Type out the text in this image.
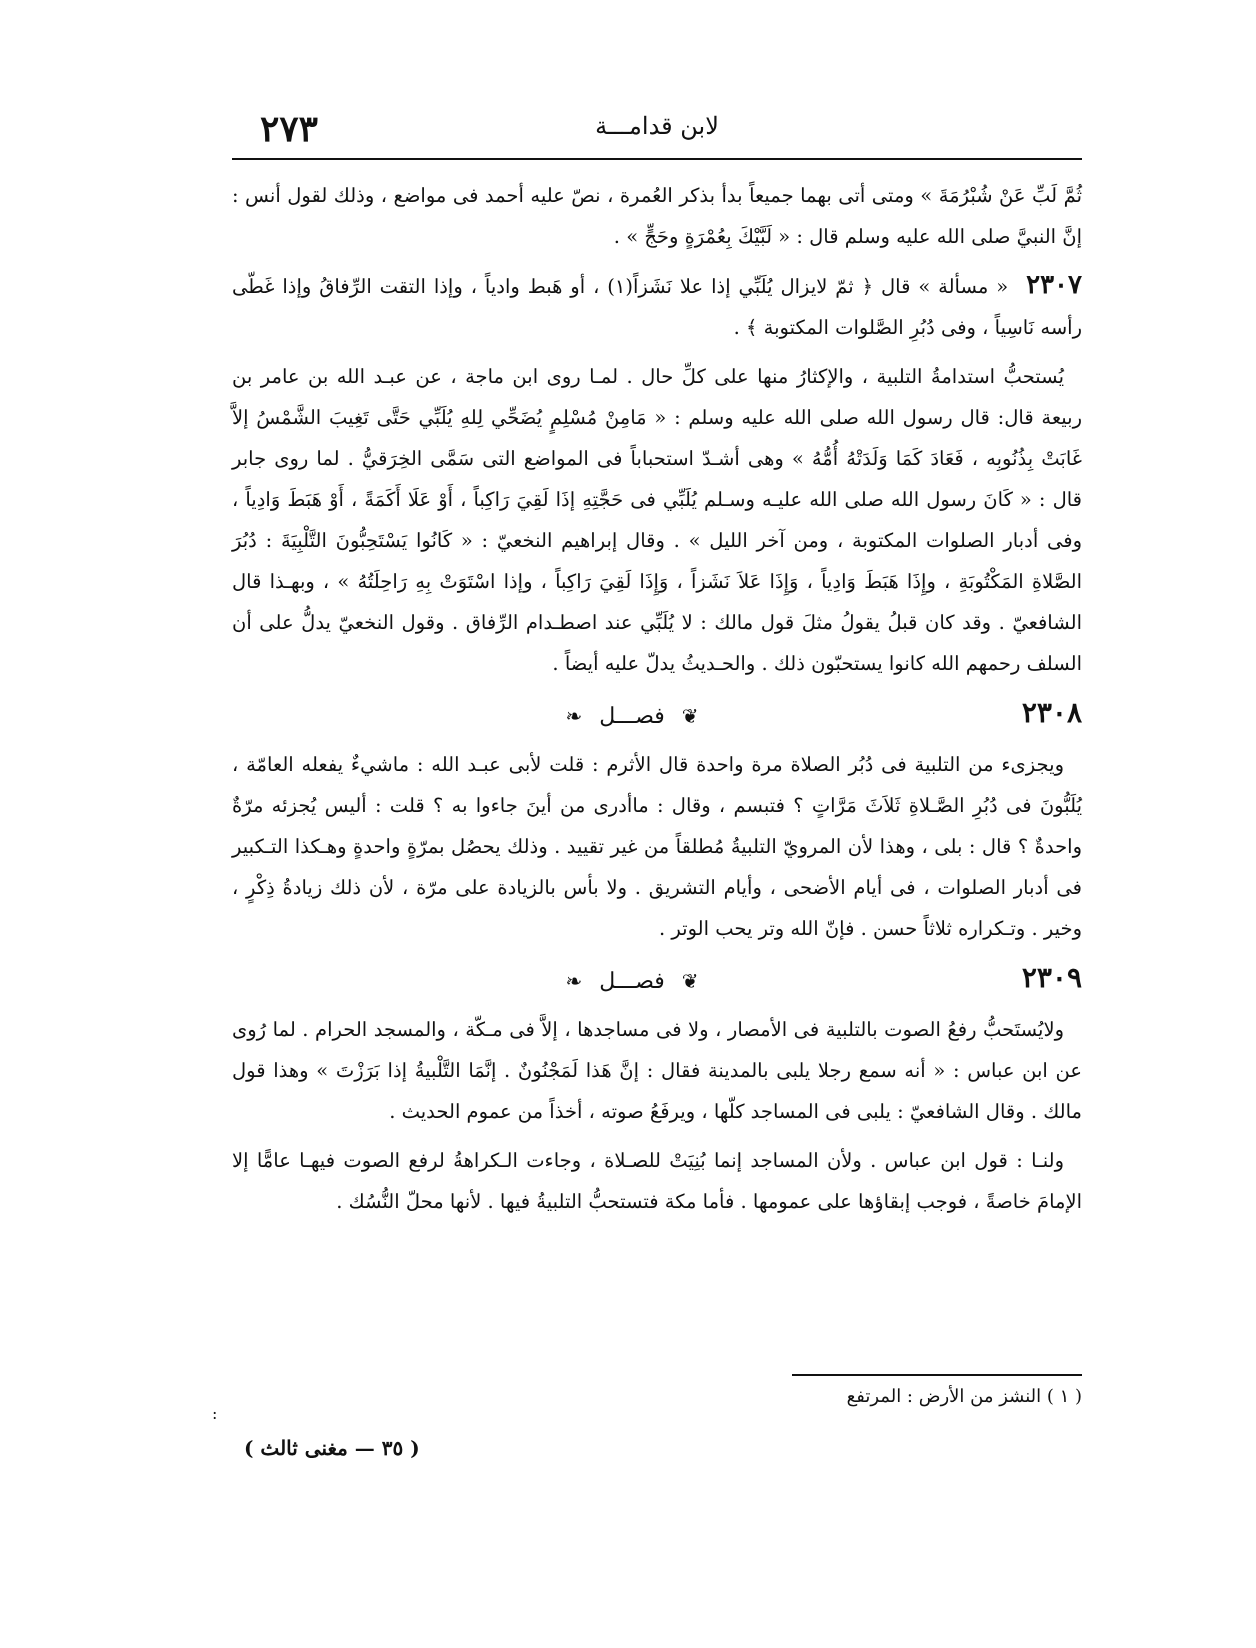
٢٧٣	لابن قدامـــة

ثُمَّ لَبِّ عَنْ شُبْرُمَةَ » ومتى أتى بهما جميعاً بدأ بذكر العُمرة ، نصّ عليه أحمد فى مواضع ، وذلك لقول أنس : إنَّ النبيَّ صلى الله عليه وسلم قال : « لَبَّيْكَ بِعُمْرَةٍ وحَجٍّ » .

٢٣٠٧ « مسألة » قال ﴿ ثمّ لايزال يُلَبِّي إذا علا نَشَزاً(١) ، أو هَبط وادياً ، وإذا التقت الرِّفاقُ وإذا غَطّى رأسه نَاسِياً ، وفى دُبُرِ الصَّلوات المكتوبة ﴾ .

يُستحبُّ استدامةُ التلبية ، والإكثارُ منها على كلِّ حال . لمـا روى ابن ماجة ، عن عبـد الله بن عامر بن ربيعة قال: قال رسول الله صلى الله عليه وسلم : « مَامِنْ مُسْلِمٍ يُضَحِّي لِلهِ يُلَبِّي حَتَّى تَغِيبَ الشَّمْسُ إلاَّ غَابَتْ بِذُنُوبِه ، فَعَادَ كَمَا وَلَدَتْهُ أُمُّهُ » وهى أشـدّ استحباباً فى المواضع التى سَمَّى الخِرَقيُّ . لما روى جابر قال : « كَانَ رسول الله صلى الله عليـه وسـلم يُلَبِّي فى حَجَّتِهِ إذَا لَقِيَ رَاكِباً ، أَوْ عَلَا أَكَمَةً ، أَوْ هَبَطَ وَادِياً ، وفى أدبار الصلوات المكتوبة ، ومن آخر الليل » . وقال إبراهيم النخعيّ : « كَانُوا يَسْتَحِبُّونَ التَّلْبِيَةَ : دُبُرَ الصَّلاةِ المَكْتُوبَةِ ، وإِذَا هَبَطَ وَادِياً ، وَإِذَا عَلاَ نَشَزاً ، وَإِذَا لَقِيَ رَاكِباً ، وإذا اسْتَوَتْ بِهِ رَاحِلَتُهُ » ، وبهـذا قال الشافعيّ . وقد كان قبلُ يقولُ مثلَ قول مالك : لا يُلَبِّي عند اصطـدام الرِّفاق . وقول النخعيّ يدلُّ على أن السلف رحمهم الله كانوا يستحبّون ذلك . والحـديثُ يدلّ عليه أيضاً .

٢٣٠٨
❦ فصـــل ❧

ويجزىء من التلبية فى دُبُر الصلاة مرة واحدة قال الأثرم : قلت لأبى عبـد الله : ماشيءٌ يفعله العامّة ، يُلَبُّونَ فى دُبُرِ الصَّـلاةِ ثَلاَثَ مَرَّاتٍ ؟ فتبسم ، وقال : ماأدرى من أينَ جاءوا به ؟ قلت : أليس يُجزئه مرّةٌ واحدةٌ ؟ قال : بلى ، وهذا لأن المرويّ التلبيةُ مُطلقاً من غير تقييد . وذلك يحصُل بمرّةٍ واحدةٍ وهـكذا التـكبير فى أدبار الصلوات ، فى أيام الأضحى ، وأيام التشريق . ولا بأس بالزيادة على مرّة ، لأن ذلك زيادةُ ذِكْرٍ ، وخير . وتـكراره ثلاثاً حسن . فإنّ الله وتر يحب الوتر .

٢٣٠٩
❦ فصـــل ❧

ولايُستَحبُّ رفعُ الصوت بالتلبية فى الأمصار ، ولا فى مساجدها ، إلاَّ فى مـكّة ، والمسجد الحرام . لما رُوى عن ابن عباس : « أنه سمع رجلا يلبى بالمدينة فقال : إنَّ هَذا لَمَجْنُونٌ . إنَّمَا التَّلْبيةُ إذا بَرَزْتَ » وهذا قول مالك . وقال الشافعيّ : يلبى فى المساجد كلّها ، ويرفَعُ صوته ، أخذاً من عموم الحديث .

ولنـا : قول ابن عباس . ولأن المساجد إنما بُنِيَتْ للصـلاة ، وجاءت الـكراهةُ لرفع الصوت فيهـا عامًّا إلا الإمامَ خاصةً ، فوجب إبقاؤها على عمومها . فأما مكة فتستحبُّ التلبيةُ فيها . لأنها محلّ النُّسُك .

( ١ ) النشز من الأرض : المرتفع
:
( ٣٥ — مغنى ثالث )
